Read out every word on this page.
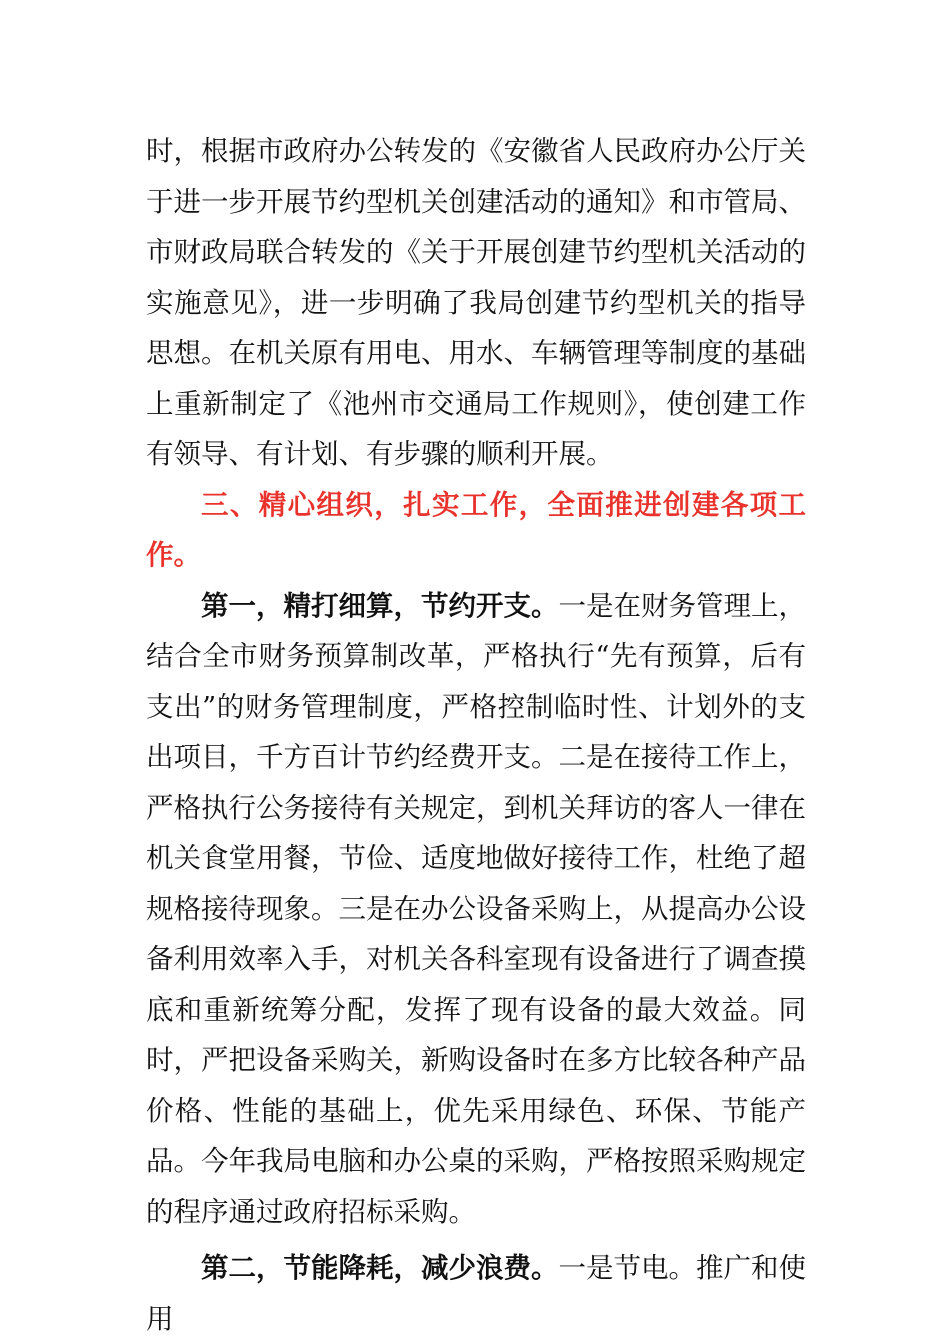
时，根据市政府办公转发的《安徽省人民政府办公厅关于进一步开展节约型机关创建活动的通知》和市管局、市财政局联合转发的《关于开展创建节约型机关活动的实施意见》，进一步明确了我局创建节约型机关的指导思想。在机关原有用电、用水、车辆管理等制度的基础上重新制定了《池州市交通局工作规则》，使创建工作有领导、有计划、有步骤的顺利开展。

三、精心组织，扎实工作，全面推进创建各项工作。

第一，精打细算，节约开支。一是在财务管理上，结合全市财务预算制改革，严格执行“先有预算，后有支出”的财务管理制度，严格控制临时性、计划外的支出项目，千方百计节约经费开支。二是在接待工作上，严格执行公务接待有关规定，到机关拜访的客人一律在机关食堂用餐，节俭、适度地做好接待工作，杜绝了超规格接待现象。三是在办公设备采购上，从提高办公设备利用效率入手，对机关各科室现有设备进行了调查摸底和重新统筹分配，发挥了现有设备的最大效益。同时，严把设备采购关，新购设备时在多方比较各种产品价格、性能的基础上，优先采用绿色、环保、节能产品。今年我局电脑和办公桌的采购，严格按照采购规定的程序通过政府招标采购。

第二，节能降耗，减少浪费。一是节电。推广和使用
